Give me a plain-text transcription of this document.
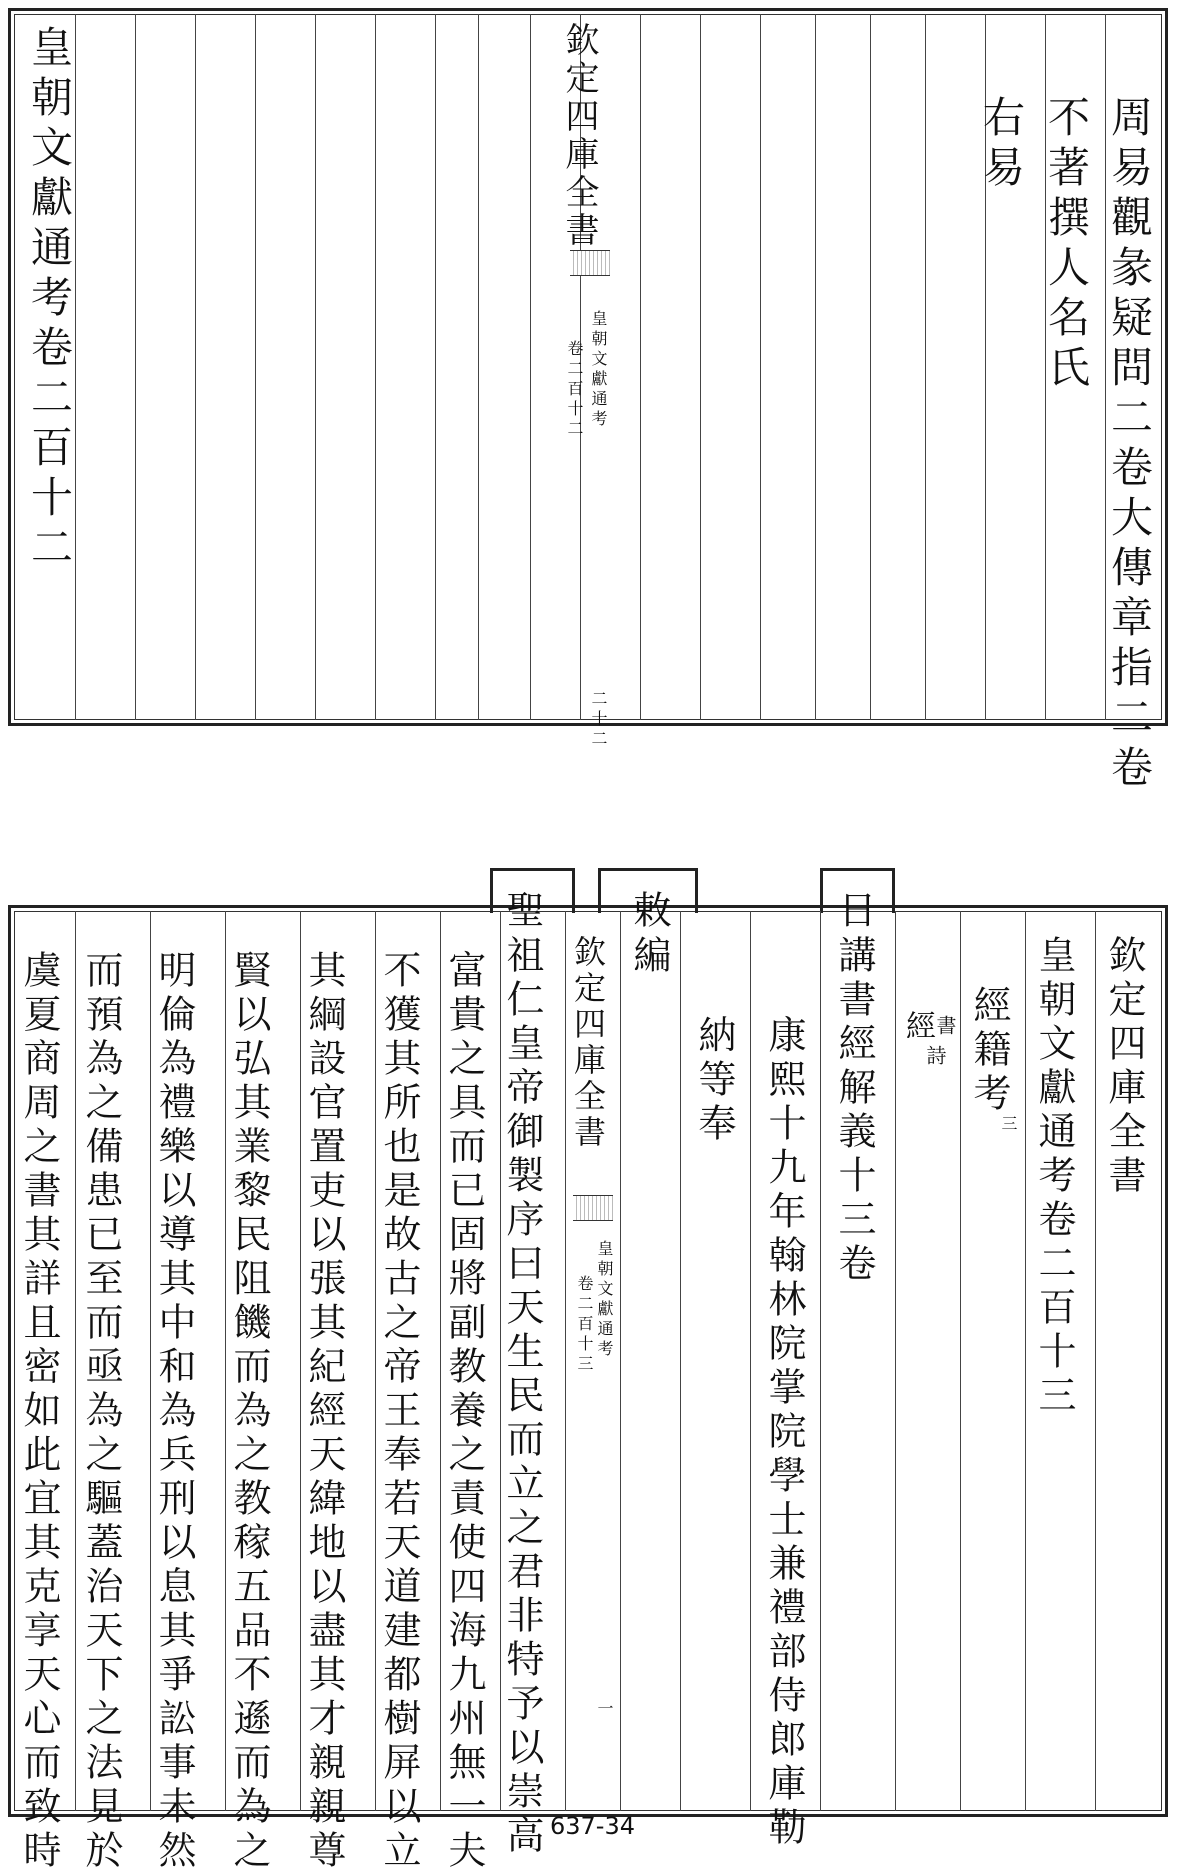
周易觀彖疑問二卷大傳章指二卷
不著撰人名氏
右易
欽定四庫全書
皇朝文獻通考
卷二百十二
二十二
皇朝文獻通考卷二百十二
欽定四庫全書
皇朝文獻通考卷二百十三
經籍考
三
經
書
詩
日
講書經解義十三卷
康熙十九年翰林院掌院學士兼禮部侍郎庫勒
納等奉
敕
編
欽定四庫全書
皇朝文獻通考
卷二百十三
一
聖
祖仁皇帝御製序曰天生民而立之君非特予以崇高
富貴之具而已固將副教養之責使四海九州無一夫
不獲其所也是故古之帝王奉若天道建都樹屏以立
其綱設官置吏以張其紀經天緯地以盡其才親親尊
賢以弘其業黎民阻饑而為之教稼五品不遜而為之
明倫為禮樂以導其中和為兵刑以息其爭訟事未然
而預為之備患已至而亟為之驅蓋治天下之法見於
虞夏商周之書其詳且密如此宜其克享天心而致時	637-34
